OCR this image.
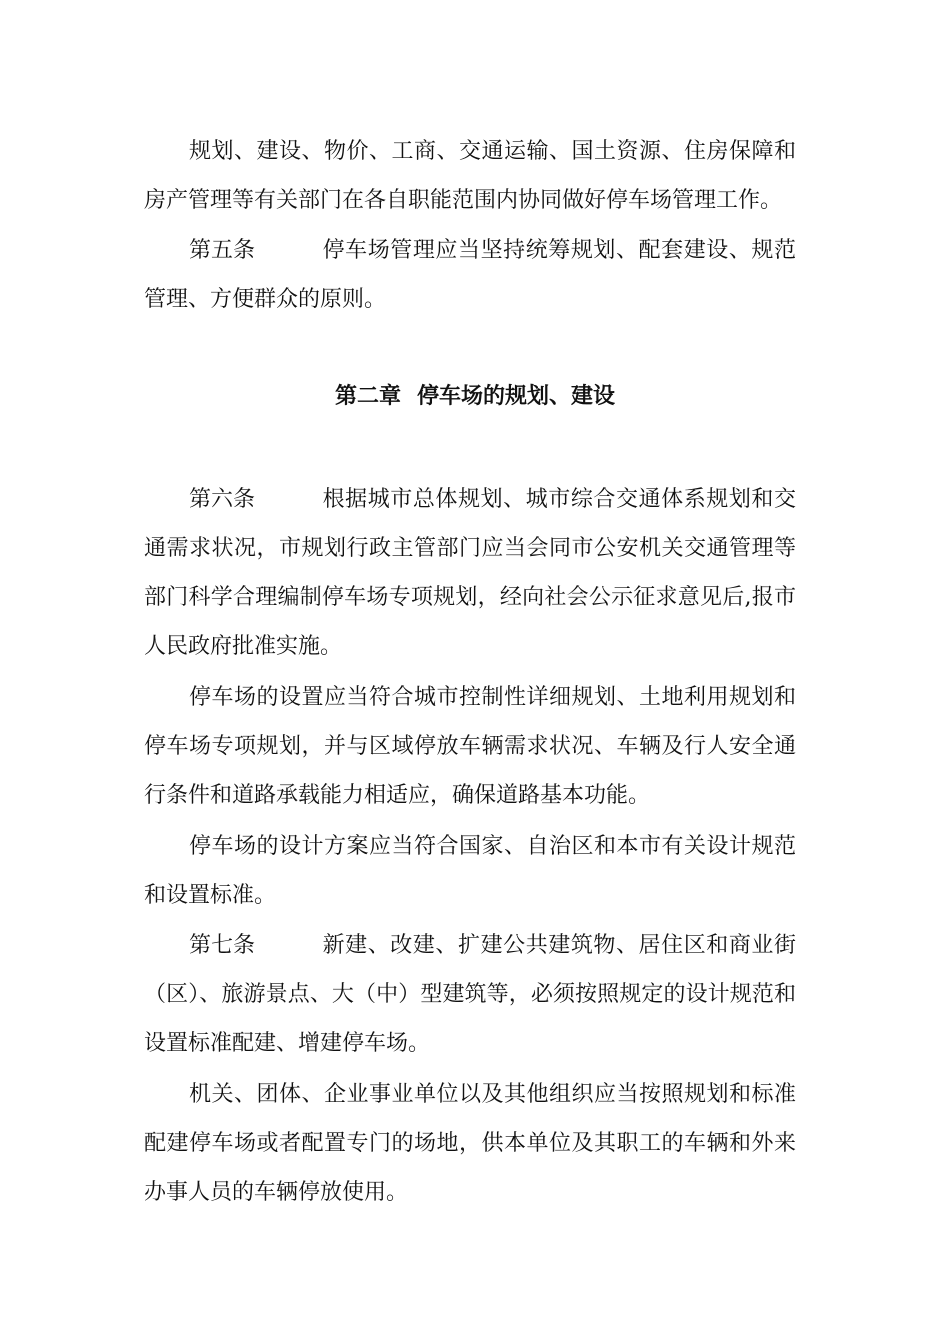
规划、建设、物价、工商、交通运输、国土资源、住房保障和房产管理等有关部门在各自职能范围内协同做好停车场管理工作。
第五条	停车场管理应当坚持统筹规划、配套建设、规范管理、方便群众的原则。
第二章 停车场的规划、建设
第六条	根据城市总体规划、城市综合交通体系规划和交通需求状况，市规划行政主管部门应当会同市公安机关交通管理等部门科学合理编制停车场专项规划，经向社会公示征求意见后,报市人民政府批准实施。
停车场的设置应当符合城市控制性详细规划、土地利用规划和停车场专项规划，并与区域停放车辆需求状况、车辆及行人安全通行条件和道路承载能力相适应，确保道路基本功能。
停车场的设计方案应当符合国家、自治区和本市有关设计规范和设置标准。
第七条	新建、改建、扩建公共建筑物、居住区和商业街（区）、旅游景点、大（中）型建筑等，必须按照规定的设计规范和设置标准配建、增建停车场。
机关、团体、企业事业单位以及其他组织应当按照规划和标准配建停车场或者配置专门的场地，供本单位及其职工的车辆和外来办事人员的车辆停放使用。
